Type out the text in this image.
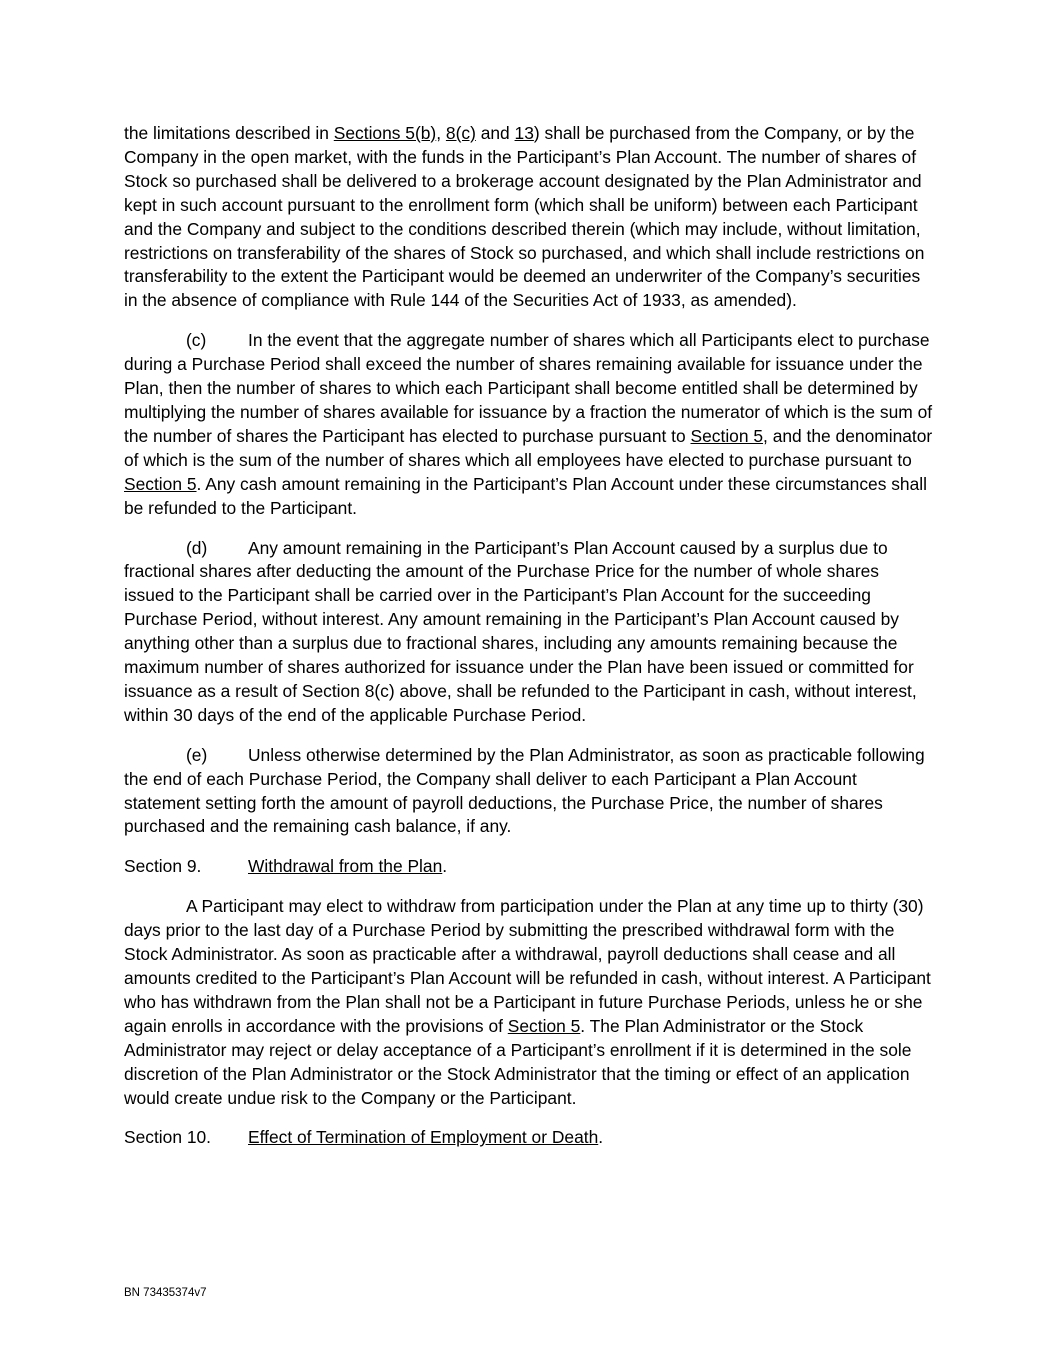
the limitations described in Sections 5(b), 8(c) and 13) shall be purchased from the Company, or by the Company in the open market, with the funds in the Participant’s Plan Account. The number of shares of Stock so purchased shall be delivered to a brokerage account designated by the Plan Administrator and kept in such account pursuant to the enrollment form (which shall be uniform) between each Participant and the Company and subject to the conditions described therein (which may include, without limitation, restrictions on transferability of the shares of Stock so purchased, and which shall include restrictions on transferability to the extent the Participant would be deemed an underwriter of the Company’s securities in the absence of compliance with Rule 144 of the Securities Act of 1933, as amended).

(c) In the event that the aggregate number of shares which all Participants elect to purchase during a Purchase Period shall exceed the number of shares remaining available for issuance under the Plan, then the number of shares to which each Participant shall become entitled shall be determined by multiplying the number of shares available for issuance by a fraction the numerator of which is the sum of the number of shares the Participant has elected to purchase pursuant to Section 5, and the denominator of which is the sum of the number of shares which all employees have elected to purchase pursuant to Section 5. Any cash amount remaining in the Participant’s Plan Account under these circumstances shall be refunded to the Participant.

(d) Any amount remaining in the Participant’s Plan Account caused by a surplus due to fractional shares after deducting the amount of the Purchase Price for the number of whole shares issued to the Participant shall be carried over in the Participant’s Plan Account for the succeeding Purchase Period, without interest. Any amount remaining in the Participant’s Plan Account caused by anything other than a surplus due to fractional shares, including any amounts remaining because the maximum number of shares authorized for issuance under the Plan have been issued or committed for issuance as a result of Section 8(c) above, shall be refunded to the Participant in cash, without interest, within 30 days of the end of the applicable Purchase Period.

(e) Unless otherwise determined by the Plan Administrator, as soon as practicable following the end of each Purchase Period, the Company shall deliver to each Participant a Plan Account statement setting forth the amount of payroll deductions, the Purchase Price, the number of shares purchased and the remaining cash balance, if any.

Section 9.	Withdrawal from the Plan.

A Participant may elect to withdraw from participation under the Plan at any time up to thirty (30) days prior to the last day of a Purchase Period by submitting the prescribed withdrawal form with the Stock Administrator. As soon as practicable after a withdrawal, payroll deductions shall cease and all amounts credited to the Participant’s Plan Account will be refunded in cash, without interest. A Participant who has withdrawn from the Plan shall not be a Participant in future Purchase Periods, unless he or she again enrolls in accordance with the provisions of Section 5. The Plan Administrator or the Stock Administrator may reject or delay acceptance of a Participant’s enrollment if it is determined in the sole discretion of the Plan Administrator or the Stock Administrator that the timing or effect of an application would create undue risk to the Company or the Participant.

Section 10. Effect of Termination of Employment or Death.

BN 73435374v7
